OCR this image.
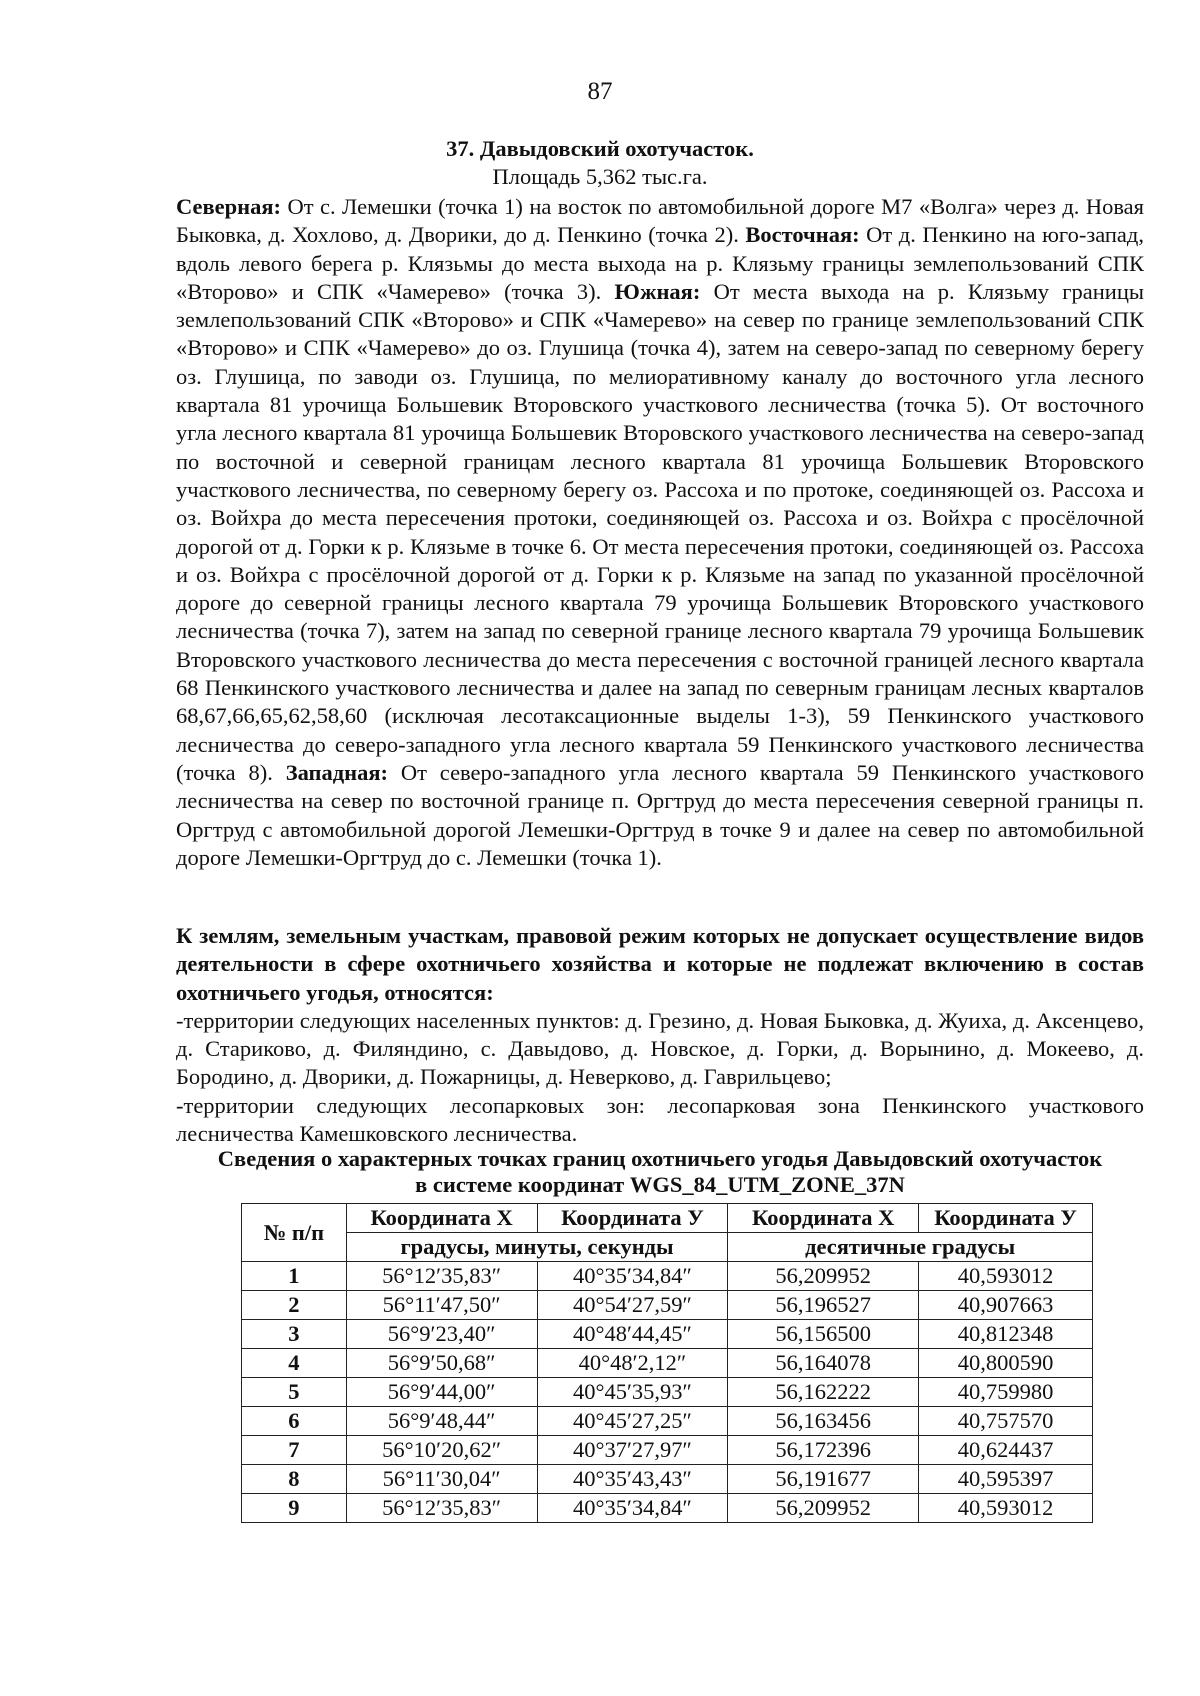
87
37. Давыдовский охотучасток.
Площадь 5,362 тыс.га.
Северная: От с. Лемешки (точка 1) на восток по автомобильной дороге М7 «Волга» через д. Новая Быковка, д. Хохлово, д. Дворики, до д. Пенкино (точка 2). Восточная: От д. Пенкино на юго-запад, вдоль левого берега р. Клязьмы до места выхода на р. Клязьму границы землепользований СПК «Второво» и СПК «Чамерево» (точка 3). Южная: От места выхода на р. Клязьму границы землепользований СПК «Второво» и СПК «Чамерево» на север по границе землепользований СПК «Второво» и СПК «Чамерево» до оз. Глушица (точка 4), затем на северо-запад по северному берегу оз. Глушица, по заводи оз. Глушица, по мелиоративному каналу до восточного угла лесного квартала 81 урочища Большевик Второвского участкового лесничества (точка 5). От восточного угла лесного квартала 81 урочища Большевик Второвского участкового лесничества на северо-запад по восточной и северной границам лесного квартала 81 урочища Большевик Второвского участкового лесничества, по северному берегу оз. Рассоха и по протоке, соединяющей оз. Рассоха и оз. Войхра до места пересечения протоки, соединяющей оз. Рассоха и оз. Войхра с просёлочной дорогой от д. Горки к р. Клязьме в точке 6. От места пересечения протоки, соединяющей оз. Рассоха и оз. Войхра с просёлочной дорогой от д. Горки к р. Клязьме на запад по указанной просёлочной дороге до северной границы лесного квартала 79 урочища Большевик Второвского участкового лесничества (точка 7), затем на запад по северной границе лесного квартала 79 урочища Большевик Второвского участкового лесничества до места пересечения с восточной границей лесного квартала 68 Пенкинского участкового лесничества и далее на запад по северным границам лесных кварталов 68,67,66,65,62,58,60 (исключая лесотаксационные выделы 1-3), 59 Пенкинского участкового лесничества до северо-западного угла лесного квартала 59 Пенкинского участкового лесничества (точка 8). Западная: От северо-западного угла лесного квартала 59 Пенкинского участкового лесничества на север по восточной границе п. Оргтруд до места пересечения северной границы п. Оргтруд с автомобильной дорогой Лемешки-Оргтруд в точке 9 и далее на север по автомобильной дороге Лемешки-Оргтруд до с. Лемешки (точка 1).

К землям, земельным участкам, правовой режим которых не допускает осуществление видов деятельности в сфере охотничьего хозяйства и которые не подлежат включению в состав охотничьего угодья, относятся:

-территории следующих населенных пунктов: д. Грезино, д. Новая Быковка, д. Жуиха, д. Аксенцево, д. Стариково, д. Филяндино, с. Давыдово, д. Новское, д. Горки, д. Ворынино, д. Мокеево, д. Бородино, д. Дворики, д. Пожарницы, д. Неверково, д. Гаврильцево;

-территории следующих лесопарковых зон: лесопарковая зона Пенкинского участкового лесничества Камешковского лесничества.

Сведения о характерных точках границ охотничьего угодья Давыдовский охотучасток
в системе координат WGS_84_UTM_ZONE_37N
№ п/п	Координата X	Координата У	Координата X	Координата У
	градусы, минуты, секунды		десятичные градусы	
1	56°12′35,83″	40°35′34,84″	56,209952	40,593012
2	56°11′47,50″	40°54′27,59″	56,196527	40,907663
3	56°9′23,40″	40°48′44,45″	56,156500	40,812348
4	56°9′50,68″	40°48′2,12″	56,164078	40,800590
5	56°9′44,00″	40°45′35,93″	56,162222	40,759980
6	56°9′48,44″	40°45′27,25″	56,163456	40,757570
7	56°10′20,62″	40°37′27,97″	56,172396	40,624437
8	56°11′30,04″	40°35′43,43″	56,191677	40,595397
9	56°12′35,83″	40°35′34,84″	56,209952	40,593012
